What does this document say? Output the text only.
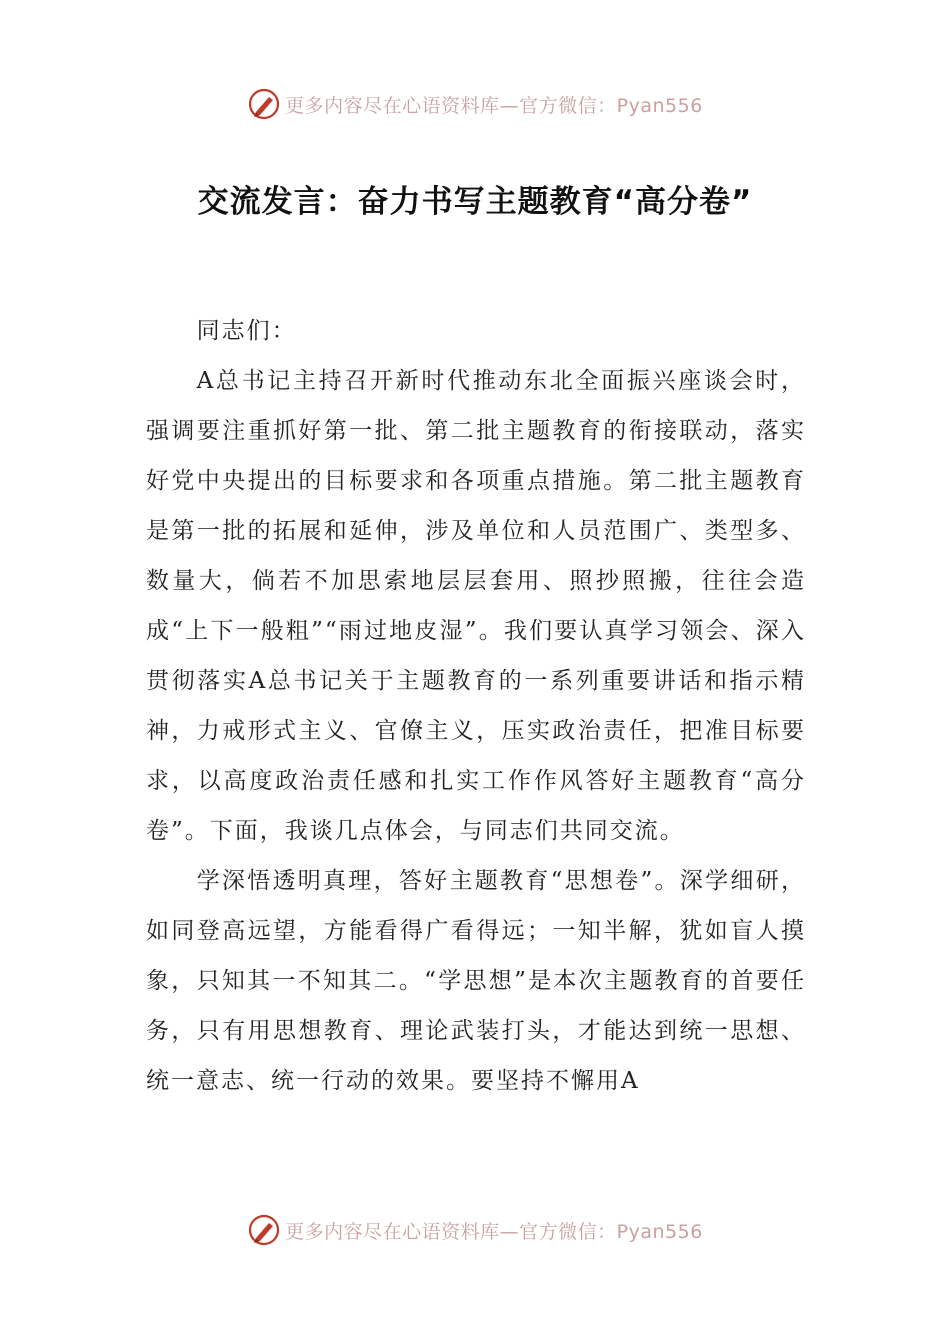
更多内容尽在心语资料库—官方微信：Pyan556
交流发言：奋力书写主题教育“高分卷”

同志们：

A总书记主持召开新时代推动东北全面振兴座谈会时，强调要注重抓好第一批、第二批主题教育的衔接联动，落实好党中央提出的目标要求和各项重点措施。第二批主题教育是第一批的拓展和延伸，涉及单位和人员范围广、类型多、数量大，倘若不加思索地层层套用、照抄照搬，往往会造成“上下一般粗”“雨过地皮湿”。我们要认真学习领会、深入贯彻落实A总书记关于主题教育的一系列重要讲话和指示精神，力戒形式主义、官僚主义，压实政治责任，把准目标要求，以高度政治责任感和扎实工作作风答好主题教育“高分卷”。下面，我谈几点体会，与同志们共同交流。

学深悟透明真理，答好主题教育“思想卷”。深学细研，如同登高远望，方能看得广看得远；一知半解，犹如盲人摸象，只知其一不知其二。“学思想”是本次主题教育的首要任务，只有用思想教育、理论武装打头，才能达到统一思想、统一意志、统一行动的效果。要坚持不懈用A

更多内容尽在心语资料库—官方微信：Pyan556
